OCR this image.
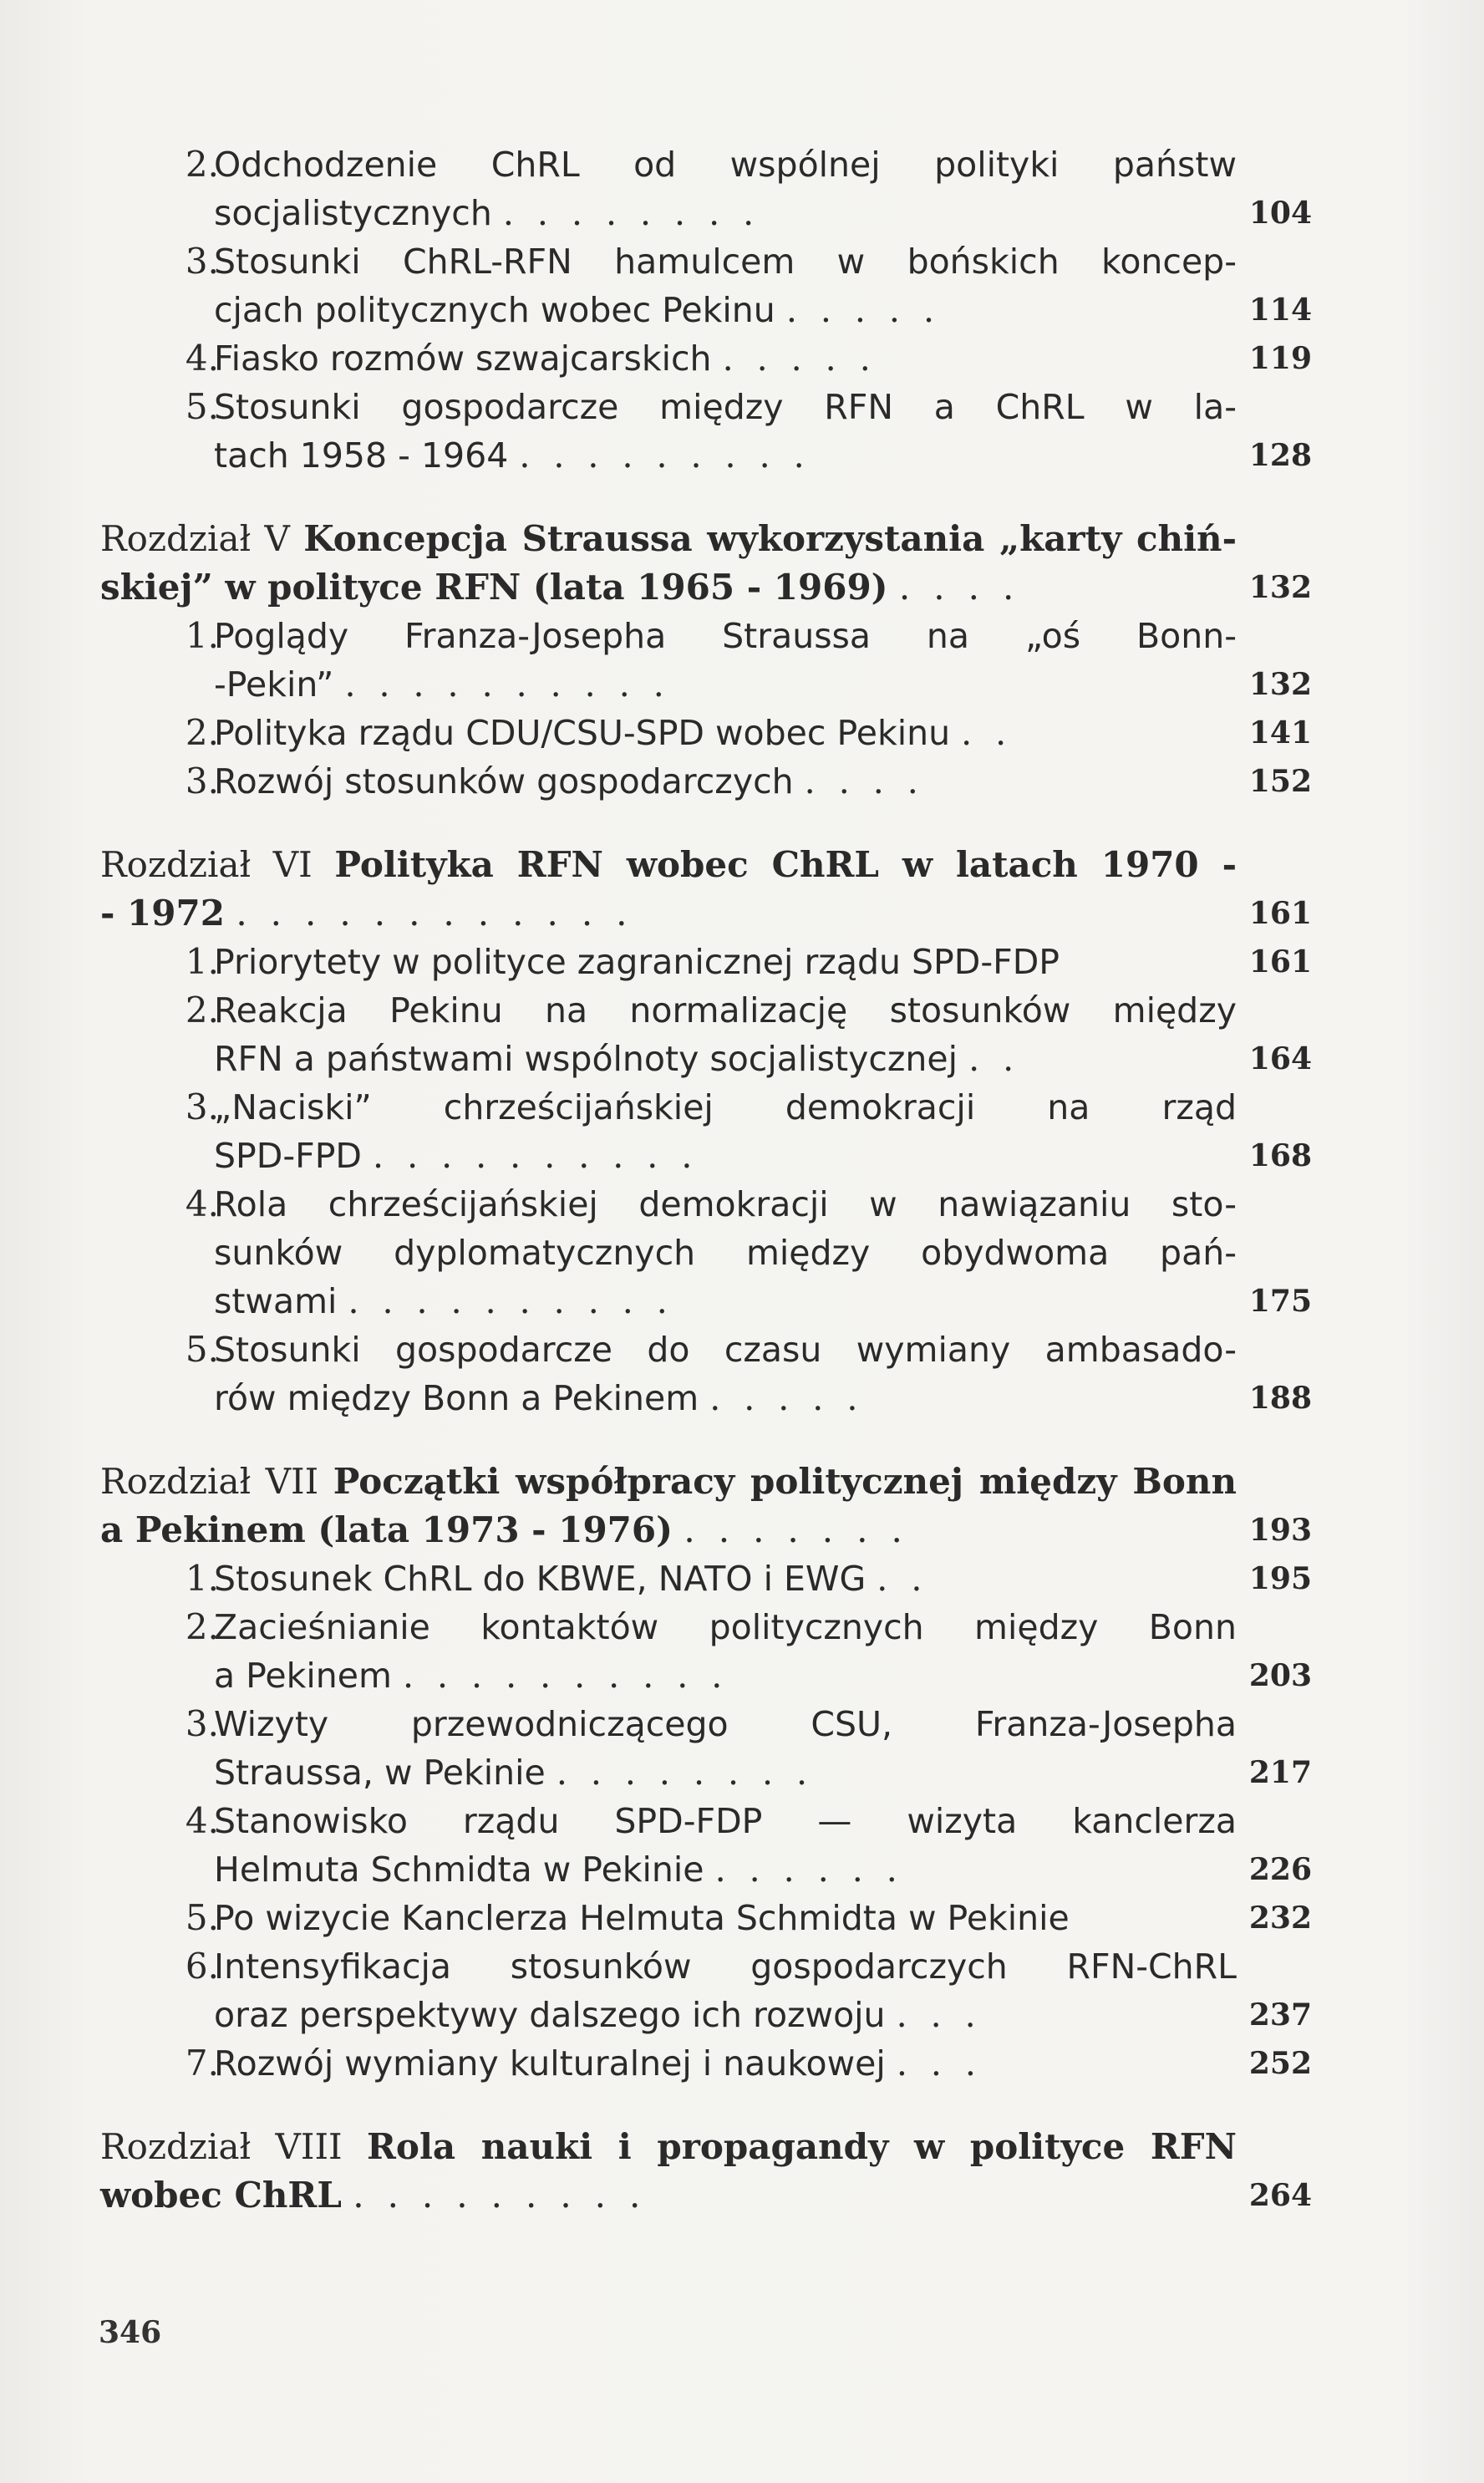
2.
Odchodzenie ChRL od wspólnej polityki państw
socjalistycznych ........	104
3.
Stosunki ChRL-RFN hamulcem w bońskich koncep-
cjach politycznych wobec Pekinu .....	114
4.
Fiasko rozmów szwajcarskich .....	119
5.
Stosunki gospodarcze między RFN a ChRL w la-
tach 1958 - 1964 .........	128
Rozdział V Koncepcja Straussa wykorzystania „karty chiń-
skiej” w polityce RFN (lata 1965 - 1969) ....	132
1.
Poglądy Franza-Josepha Straussa na „oś Bonn-
-Pekin” ..........	132
2.
Polityka rządu CDU/CSU-SPD wobec Pekinu ..	141
3.
Rozwój stosunków gospodarczych ....	152
Rozdział VI Polityka RFN wobec ChRL w latach 1970 -
- 1972 ............	161
1.
Priorytety w polityce zagranicznej rządu SPD-FDP	161
2.
Reakcja Pekinu na normalizację stosunków między
RFN a państwami wspólnoty socjalistycznej ..	164
3.
„Naciski” chrześcijańskiej demokracji na rząd
SPD-FPD ..........	168
4.
Rola chrześcijańskiej demokracji w nawiązaniu sto-
sunków dyplomatycznych między obydwoma pań-
stwami ..........	175
5.
Stosunki gospodarcze do czasu wymiany ambasado-
rów między Bonn a Pekinem .....	188
Rozdział VII Początki współpracy politycznej między Bonn
a Pekinem (lata 1973 - 1976) .......	193
1.
Stosunek ChRL do KBWE, NATO i EWG ..	195
2.
Zacieśnianie kontaktów politycznych między Bonn
a Pekinem ..........	203
3.
Wizyty przewodniczącego CSU, Franza-Josepha
Straussa, w Pekinie ........	217
4.
Stanowisko rządu SPD-FDP — wizyta kanclerza
Helmuta Schmidta w Pekinie ......	226
5.
Po wizycie Kanclerza Helmuta Schmidta w Pekinie	232
6.
Intensyfikacja stosunków gospodarczych RFN-ChRL
oraz perspektywy dalszego ich rozwoju ...	237
7.
Rozwój wymiany kulturalnej i naukowej ...	252
Rozdział VIII Rola nauki i propagandy w polityce RFN
wobec ChRL .........	264
346
